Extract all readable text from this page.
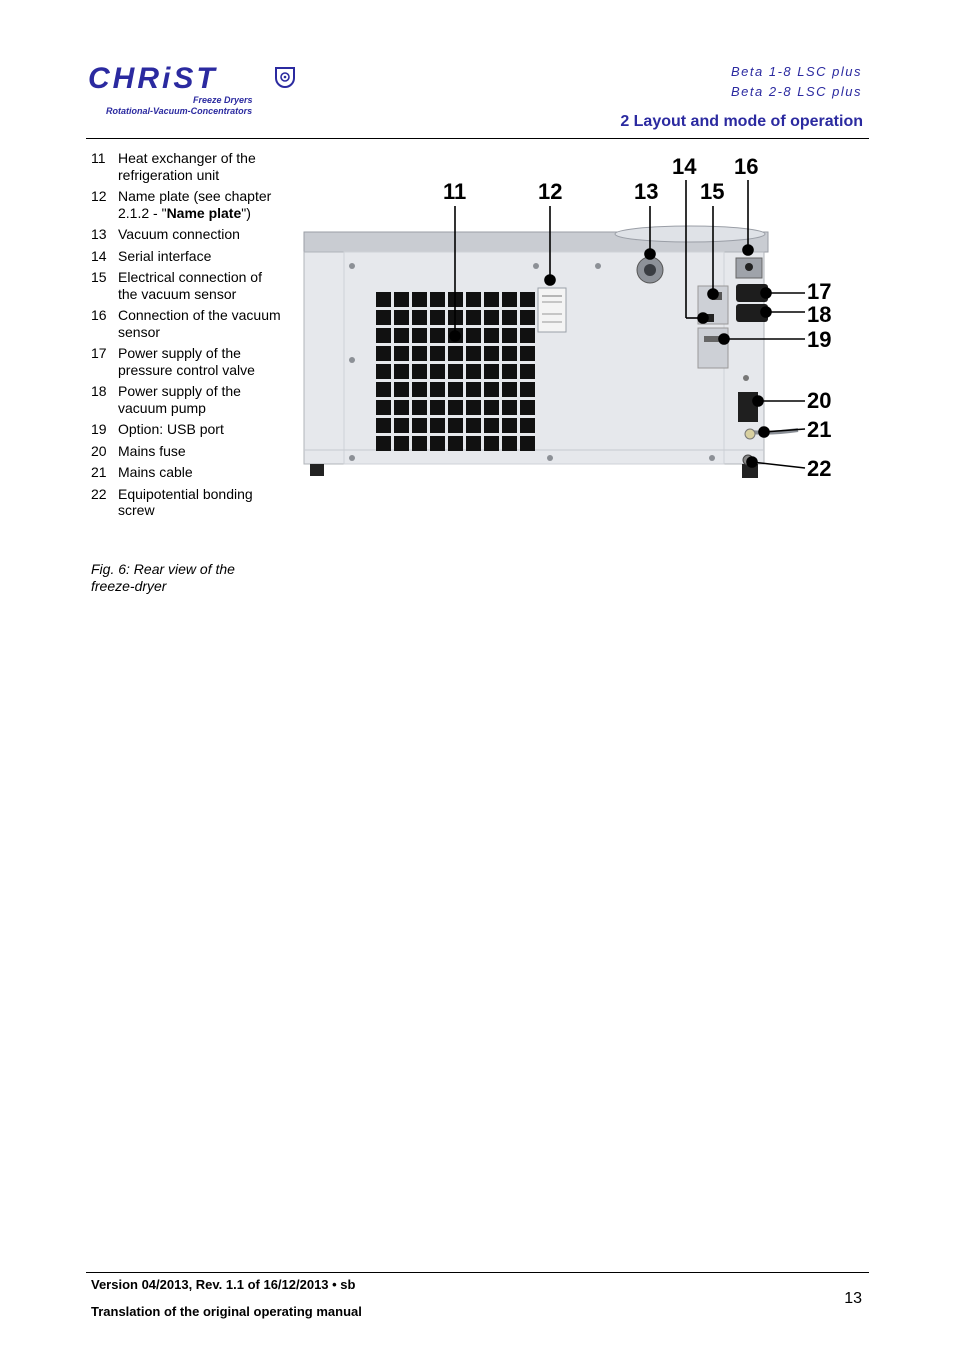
CHRiST
Freeze Dryers
Rotational-Vacuum-Concentrators
Beta 1-8 LSC plus
Beta 2-8 LSC plus
2 Layout and mode of operation
11 Heat exchanger of the refrigeration unit
12 Name plate (see chapter 2.1.2 - "Name plate")
13 Vacuum connection
14 Serial interface
15 Electrical connection of the vacuum sensor
16 Connection of the vacuum sensor
17 Power supply of the pressure control valve
18 Power supply of the vacuum pump
19 Option: USB port
20 Mains fuse
21 Mains cable
22 Equipotential bonding screw
Fig. 6: Rear view of the freeze-dryer
11	12	13
14
15
16
17
18
19
20
21
22
Version 04/2013, Rev. 1.1 of 16/12/2013 • sb
Translation of the original operating manual
13
